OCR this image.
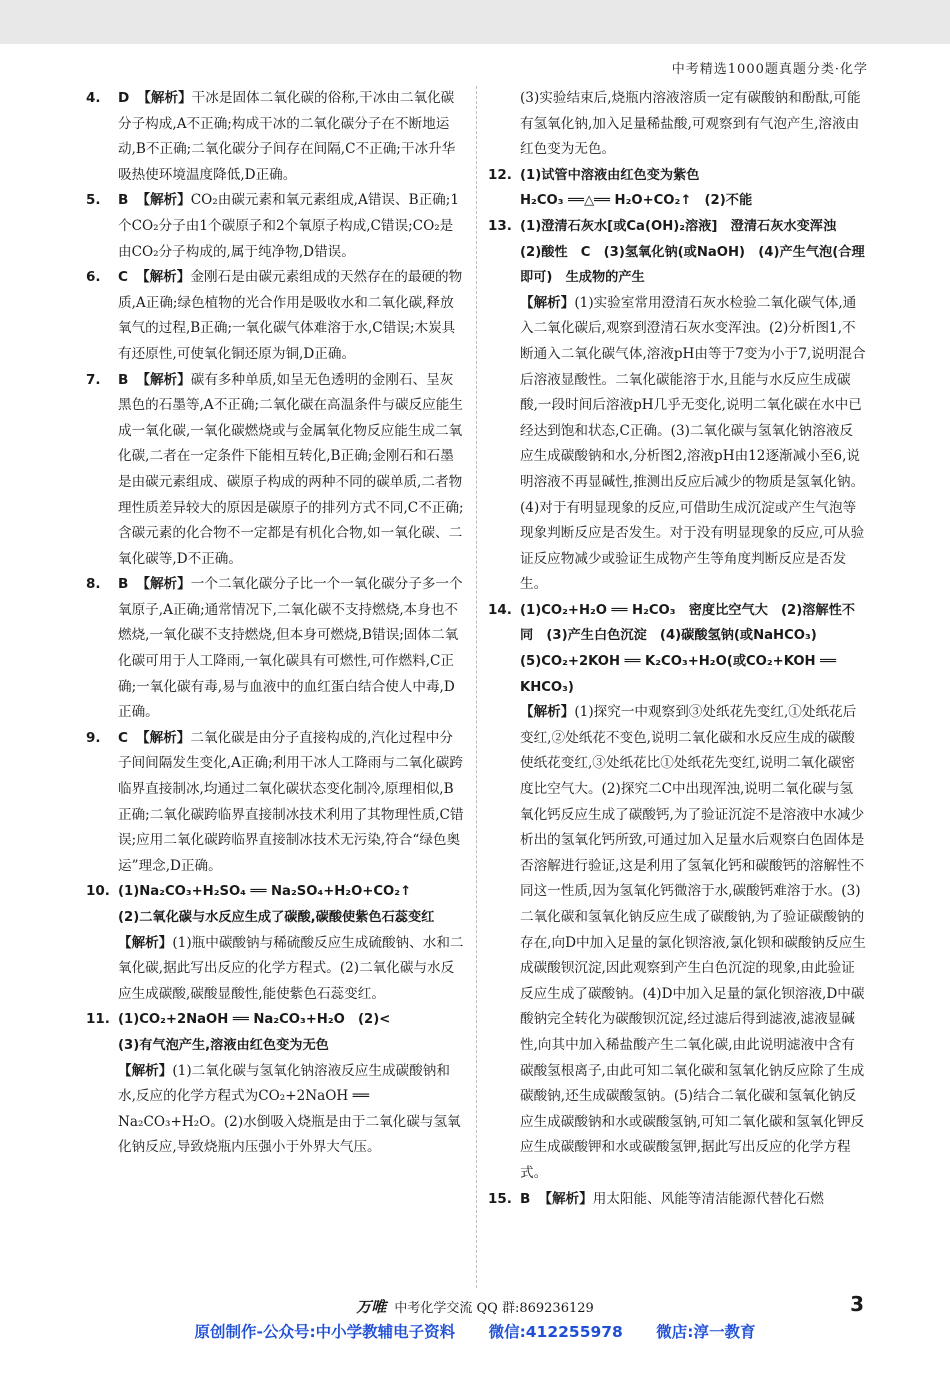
中考精选1000题真题分类·化学
4.	D 【解析】干冰是固体二氧化碳的俗称,干冰由二氧化碳分子构成,A不正确;构成干冰的二氧化碳分子在不断地运动,B不正确;二氧化碳分子间存在间隔,C不正确;干冰升华吸热使环境温度降低,D正确。
5.	B 【解析】CO₂由碳元素和氧元素组成,A错误、B正确;1个CO₂分子由1个碳原子和2个氧原子构成,C错误;CO₂是由CO₂分子构成的,属于纯净物,D错误。
6.	C 【解析】金刚石是由碳元素组成的天然存在的最硬的物质,A正确;绿色植物的光合作用是吸收水和二氧化碳,释放氧气的过程,B正确;一氧化碳气体难溶于水,C错误;木炭具有还原性,可使氧化铜还原为铜,D正确。
7.	B 【解析】碳有多种单质,如呈无色透明的金刚石、呈灰黑色的石墨等,A不正确;二氧化碳在高温条件与碳反应能生成一氧化碳,一氧化碳燃烧或与金属氧化物反应能生成二氧化碳,二者在一定条件下能相互转化,B正确;金刚石和石墨是由碳元素组成、碳原子构成的两种不同的碳单质,二者物理性质差异较大的原因是碳原子的排列方式不同,C不正确;含碳元素的化合物不一定都是有机化合物,如一氧化碳、二氧化碳等,D不正确。
8.	B 【解析】一个二氧化碳分子比一个一氧化碳分子多一个氧原子,A正确;通常情况下,二氧化碳不支持燃烧,本身也不燃烧,一氧化碳不支持燃烧,但本身可燃烧,B错误;固体二氧化碳可用于人工降雨,一氧化碳具有可燃性,可作燃料,C正确;一氧化碳有毒,易与血液中的血红蛋白结合使人中毒,D正确。
9.	C 【解析】二氧化碳是由分子直接构成的,汽化过程中分子间间隔发生变化,A正确;利用干冰人工降雨与二氧化碳跨临界直接制冰,均通过二氧化碳状态变化制冷,原理相似,B正确;二氧化碳跨临界直接制冰技术利用了其物理性质,C错误;应用二氧化碳跨临界直接制冰技术无污染,符合“绿色奥运”理念,D正确。
10. (1)Na₂CO₃+H₂SO₄ ══ Na₂SO₄+H₂O+CO₂↑
(2)二氧化碳与水反应生成了碳酸,碳酸使紫色石蕊变红
【解析】(1)瓶中碳酸钠与稀硫酸反应生成硫酸钠、水和二氧化碳,据此写出反应的化学方程式。(2)二氧化碳与水反应生成碳酸,碳酸显酸性,能使紫色石蕊变红。
11. (1)CO₂+2NaOH ══ Na₂CO₃+H₂O　(2)<
(3)有气泡产生,溶液由红色变为无色
【解析】(1)二氧化碳与氢氧化钠溶液反应生成碳酸钠和水,反应的化学方程式为CO₂+2NaOH ══ Na₂CO₃+H₂O。(2)水倒吸入烧瓶是由于二氧化碳与氢氧化钠反应,导致烧瓶内压强小于外界大气压。
(3)实验结束后,烧瓶内溶液溶质一定有碳酸钠和酚酞,可能有氢氧化钠,加入足量稀盐酸,可观察到有气泡产生,溶液由红色变为无色。
12. (1)试管中溶液由红色变为紫色
H₂CO₃ ══△══ H₂O+CO₂↑　(2)不能
13. (1)澄清石灰水[或Ca(OH)₂溶液]　澄清石灰水变浑浊　(2)酸性　C　(3)氢氧化钠(或NaOH)　(4)产生气泡(合理即可)　生成物的产生
【解析】(1)实验室常用澄清石灰水检验二氧化碳气体,通入二氧化碳后,观察到澄清石灰水变浑浊。(2)分析图1,不断通入二氧化碳气体,溶液pH由等于7变为小于7,说明混合后溶液显酸性。二氧化碳能溶于水,且能与水反应生成碳酸,一段时间后溶液pH几乎无变化,说明二氧化碳在水中已经达到饱和状态,C正确。(3)二氧化碳与氢氧化钠溶液反应生成碳酸钠和水,分析图2,溶液pH由12逐渐减小至6,说明溶液不再显碱性,推测出反应后减少的物质是氢氧化钠。(4)对于有明显现象的反应,可借助生成沉淀或产生气泡等现象判断反应是否发生。对于没有明显现象的反应,可从验证反应物减少或验证生成物产生等角度判断反应是否发生。
14. (1)CO₂+H₂O ══ H₂CO₃　密度比空气大　(2)溶解性不同　(3)产生白色沉淀　(4)碳酸氢钠(或NaHCO₃)　(5)CO₂+2KOH ══ K₂CO₃+H₂O(或CO₂+KOH ══ KHCO₃)
【解析】(1)探究一中观察到③处纸花先变红,①处纸花后变红,②处纸花不变色,说明二氧化碳和水反应生成的碳酸使纸花变红,③处纸花比①处纸花先变红,说明二氧化碳密度比空气大。(2)探究二C中出现浑浊,说明二氧化碳与氢氧化钙反应生成了碳酸钙,为了验证沉淀不是溶液中水减少析出的氢氧化钙所致,可通过加入足量水后观察白色固体是否溶解进行验证,这是利用了氢氧化钙和碳酸钙的溶解性不同这一性质,因为氢氧化钙微溶于水,碳酸钙难溶于水。(3)二氧化碳和氢氧化钠反应生成了碳酸钠,为了验证碳酸钠的存在,向D中加入足量的氯化钡溶液,氯化钡和碳酸钠反应生成碳酸钡沉淀,因此观察到产生白色沉淀的现象,由此验证反应生成了碳酸钠。(4)D中加入足量的氯化钡溶液,D中碳酸钠完全转化为碳酸钡沉淀,经过滤后得到滤液,滤液显碱性,向其中加入稀盐酸产生二氧化碳,由此说明滤液中含有碳酸氢根离子,由此可知二氧化碳和氢氧化钠反应除了生成碳酸钠,还生成碳酸氢钠。(5)结合二氧化碳和氢氧化钠反应生成碳酸钠和水或碳酸氢钠,可知二氧化碳和氢氧化钾反应生成碳酸钾和水或碳酸氢钾,据此写出反应的化学方程式。
15. B 【解析】用太阳能、风能等清洁能源代替化石燃
万唯 中考化学交流 QQ 群:869236129	3
原创制作-公众号:中小学教辅电子资料 微信:412255978 微店:淳一教育
